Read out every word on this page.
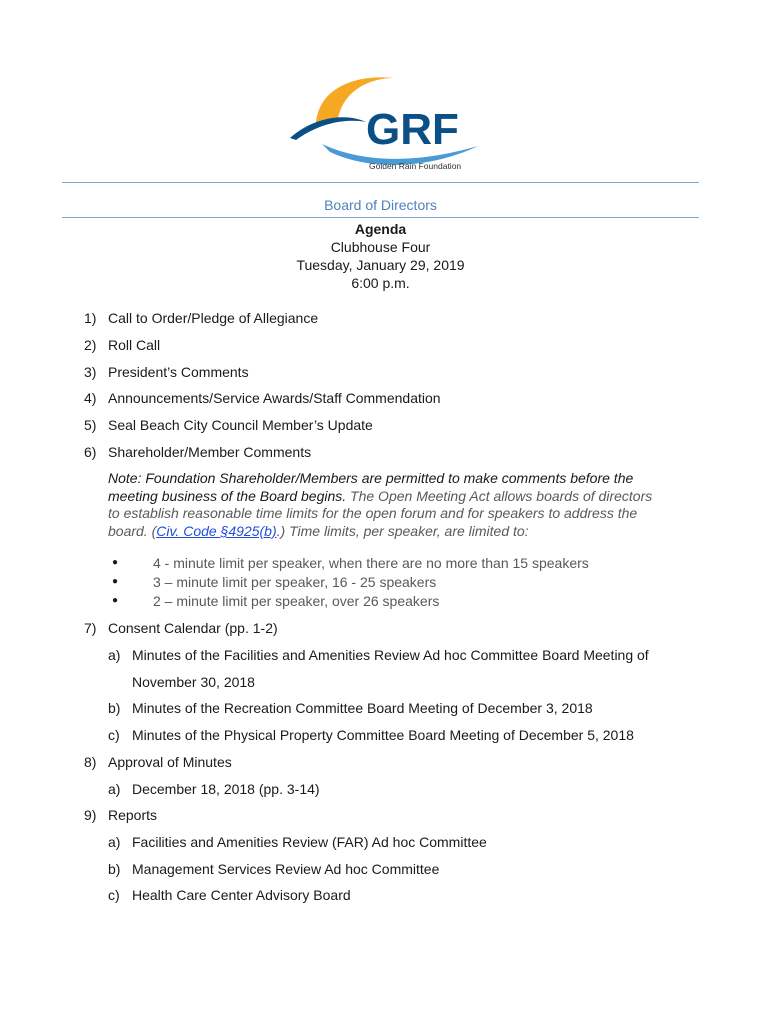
GRF
Golden Rain Foundation
Board of Directors
Agenda
Clubhouse Four
Tuesday, January 29, 2019
6:00 p.m.
1) Call to Order/Pledge of Allegiance
2) Roll Call
3) President’s Comments
4) Announcements/Service Awards/Staff Commendation
5) Seal Beach City Council Member’s Update
6) Shareholder/Member Comments
Note: Foundation Shareholder/Members are permitted to make comments before the
meeting business of the Board begins. The Open Meeting Act allows boards of directors
to establish reasonable time limits for the open forum and for speakers to address the
board. (Civ. Code §4925(b).) Time limits, per speaker, are limited to:
● 4 - minute limit per speaker, when there are no more than 15 speakers
● 3 – minute limit per speaker, 16 - 25 speakers
● 2 – minute limit per speaker, over 26 speakers
7) Consent Calendar (pp. 1-2)
a) Minutes of the Facilities and Amenities Review Ad hoc Committee Board Meeting of
November 30, 2018
b) Minutes of the Recreation Committee Board Meeting of December 3, 2018
c) Minutes of the Physical Property Committee Board Meeting of December 5, 2018
8) Approval of Minutes
a) December 18, 2018 (pp. 3-14)
9) Reports
a) Facilities and Amenities Review (FAR) Ad hoc Committee
b) Management Services Review Ad hoc Committee
c) Health Care Center Advisory Board
